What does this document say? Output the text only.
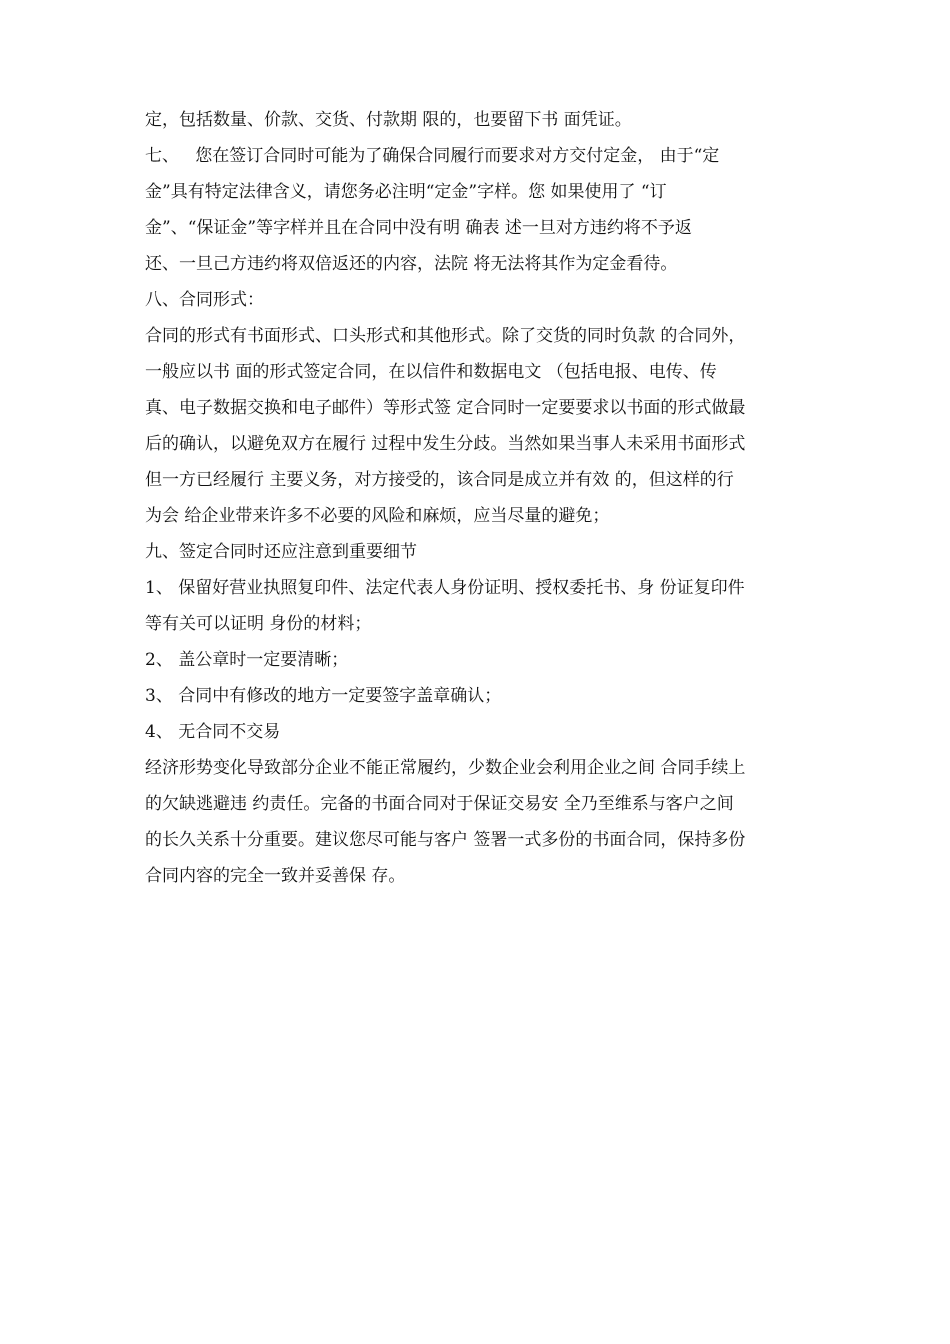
定，包括数量、价款、交货、付款期 限的，也要留下书 面凭证。
七、   您在签订合同时可能为了确保合同履行而要求对方交付定金， 由于“定
金”具有特定法律含义，请您务必注明“定金”字样。您 如果使用了 “订
金”、“保证金”等字样并且在合同中没有明 确表 述一旦对方违约将不予返
还、一旦己方违约将双倍返还的内容，法院 将无法将其作为定金看待。
八、合同形式：
合同的形式有书面形式、口头形式和其他形式。除了交货的同时负款 的合同外，
一般应以书 面的形式签定合同，在以信件和数据电文 （包括电报、电传、传
真、电子数据交换和电子邮件）等形式签 定合同时一定要要求以书面的形式做最
后的确认，以避免双方在履行 过程中发生分歧。当然如果当事人未采用书面形式
但一方已经履行 主要义务，对方接受的，该合同是成立并有效 的，但这样的行
为会 给企业带来许多不必要的风险和麻烦，应当尽量的避免；
九、签定合同时还应注意到重要细节
1、 保留好营业执照复印件、法定代表人身份证明、授权委托书、身 份证复印件
等有关可以证明 身份的材料；
2、 盖公章时一定要清晰；
3、 合同中有修改的地方一定要签字盖章确认；
4、 无合同不交易
经济形势变化导致部分企业不能正常履约，少数企业会利用企业之间 合同手续上
的欠缺逃避违 约责任。完备的书面合同对于保证交易安 全乃至维系与客户之间
的长久关系十分重要。建议您尽可能与客户 签署一式多份的书面合同，保持多份
合同内容的完全一致并妥善保 存。
